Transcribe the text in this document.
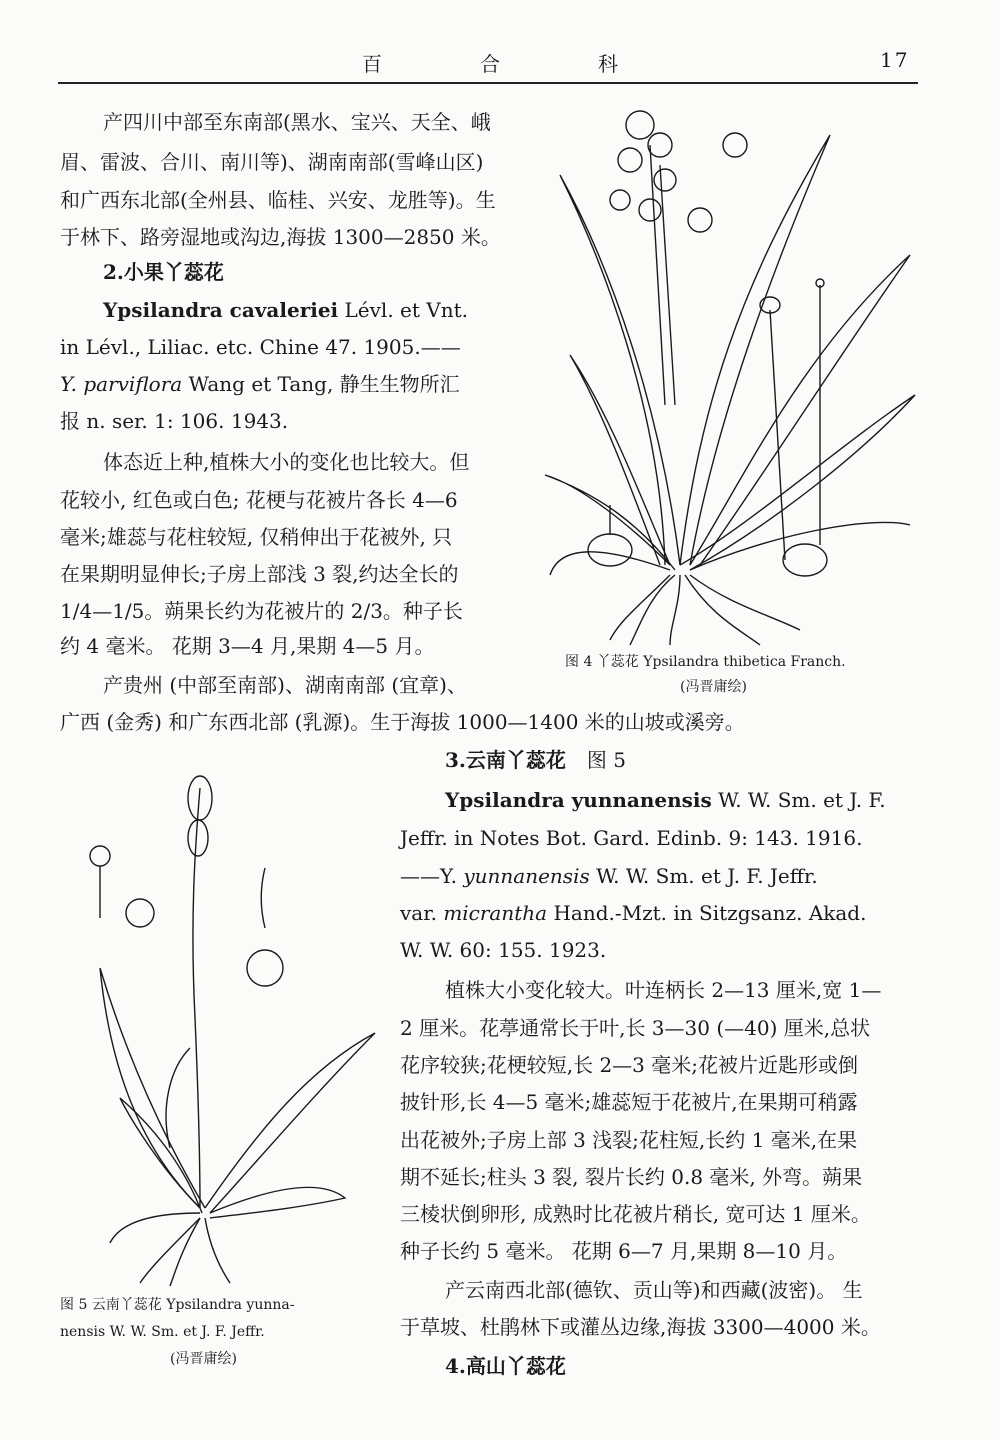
百	合	科	17
产四川中部至东南部(黑水、宝兴、天全、峨
眉、雷波、合川、南川等)、湖南南部(雪峰山区)
和广西东北部(全州县、临桂、兴安、龙胜等)。生
于林下、路旁湿地或沟边,海拔 1300—2850 米。
2.小果丫蕊花
Ypsilandra cavaleriei Lévl. et Vnt.
in Lévl., Liliac. etc. Chine 47. 1905.——
Y. parviflora Wang et Tang, 静生生物所汇
报 n. ser. 1: 106. 1943.
体态近上种,植株大小的变化也比较大。但
花较小, 红色或白色; 花梗与花被片各长 4—6
毫米;雄蕊与花柱较短, 仅稍伸出于花被外, 只
在果期明显伸长;子房上部浅 3 裂,约达全长的
1/4—1/5。蒴果长约为花被片的 2/3。种子长
约 4 毫米。 花期 3—4 月,果期 4—5 月。
产贵州 (中部至南部)、湖南南部 (宜章)、
广西 (金秀) 和广东西北部 (乳源)。生于海拔 1000—1400 米的山坡或溪旁。
图 4 丫蕊花 Ypsilandra thibetica Franch.
(冯晋庸绘)
图 5 云南丫蕊花 Ypsilandra yunna-
nensis W. W. Sm. et J. F. Jeffr.
(冯晋庸绘)
3.云南丫蕊花 图 5
Ypsilandra yunnanensis W. W. Sm. et J. F.
Jeffr. in Notes Bot. Gard. Edinb. 9: 143. 1916.
——Y. yunnanensis W. W. Sm. et J. F. Jeffr.
var. micrantha Hand.-Mzt. in Sitzgsanz. Akad.
W. W. 60: 155. 1923.
植株大小变化较大。叶连柄长 2—13 厘米,宽 1—
2 厘米。花葶通常长于叶,长 3—30 (—40) 厘米,总状
花序较狭;花梗较短,长 2—3 毫米;花被片近匙形或倒
披针形,长 4—5 毫米;雄蕊短于花被片,在果期可稍露
出花被外;子房上部 3 浅裂;花柱短,长约 1 毫米,在果
期不延长;柱头 3 裂, 裂片长约 0.8 毫米, 外弯。蒴果
三棱状倒卵形, 成熟时比花被片稍长, 宽可达 1 厘米。
种子长约 5 毫米。 花期 6—7 月,果期 8—10 月。
产云南西北部(德钦、贡山等)和西藏(波密)。 生
于草坡、杜鹃林下或灌丛边缘,海拔 3300—4000 米。
4.高山丫蕊花
